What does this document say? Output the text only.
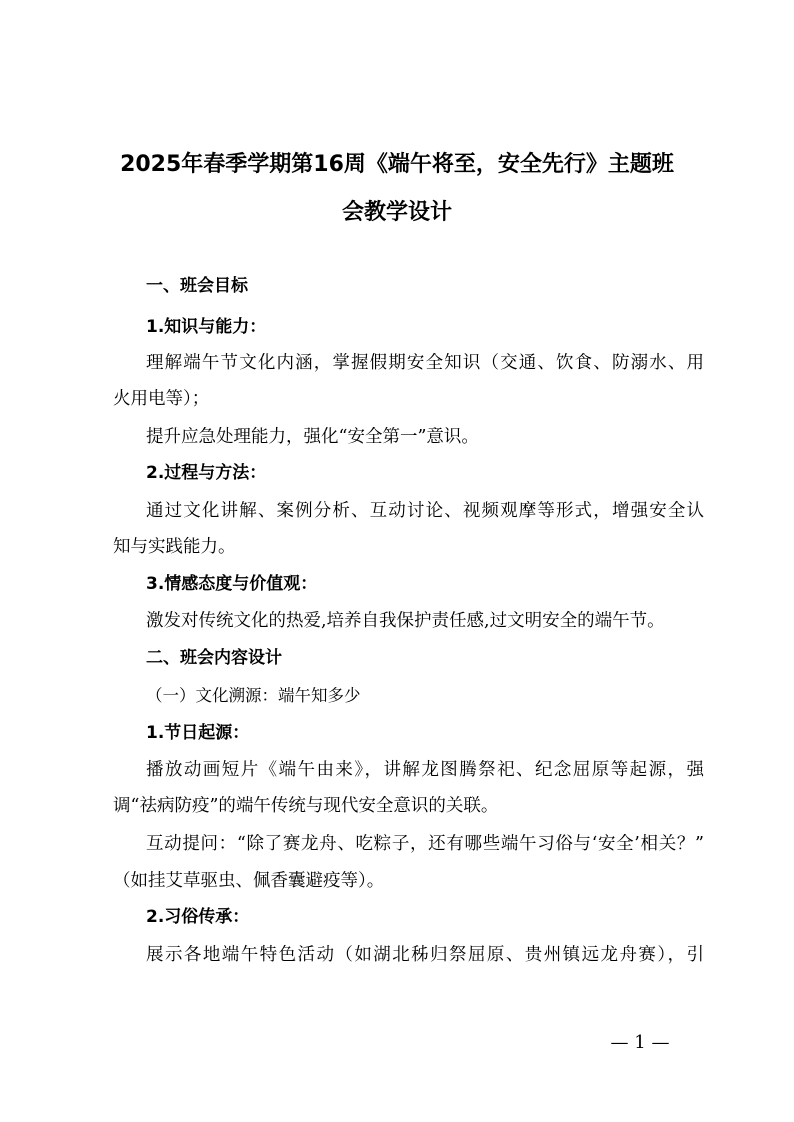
2025年春季学期第16周《端午将至，安全先行》主题班
会教学设计
一、班会目标
1.知识与能力：
理解端午节文化内涵，掌握假期安全知识（交通、饮食、防溺水、用
火用电等）；
提升应急处理能力，强化“安全第一”意识。
2.过程与方法：
通过文化讲解、案例分析、互动讨论、视频观摩等形式，增强安全认
知与实践能力。
3.情感态度与价值观：
激发对传统文化的热爱,培养自我保护责任感,过文明安全的端午节。
二、班会内容设计
（一）文化溯源：端午知多少
1.节日起源：
播放动画短片《端午由来》，讲解龙图腾祭祀、纪念屈原等起源，强
调“祛病防疫”的端午传统与现代安全意识的关联。
互动提问：“除了赛龙舟、吃粽子，还有哪些端午习俗与‘安全’相关？”
（如挂艾草驱虫、佩香囊避疫等）。
2.习俗传承：
展示各地端午特色活动（如湖北秭归祭屈原、贵州镇远龙舟赛），引
— 1 —
